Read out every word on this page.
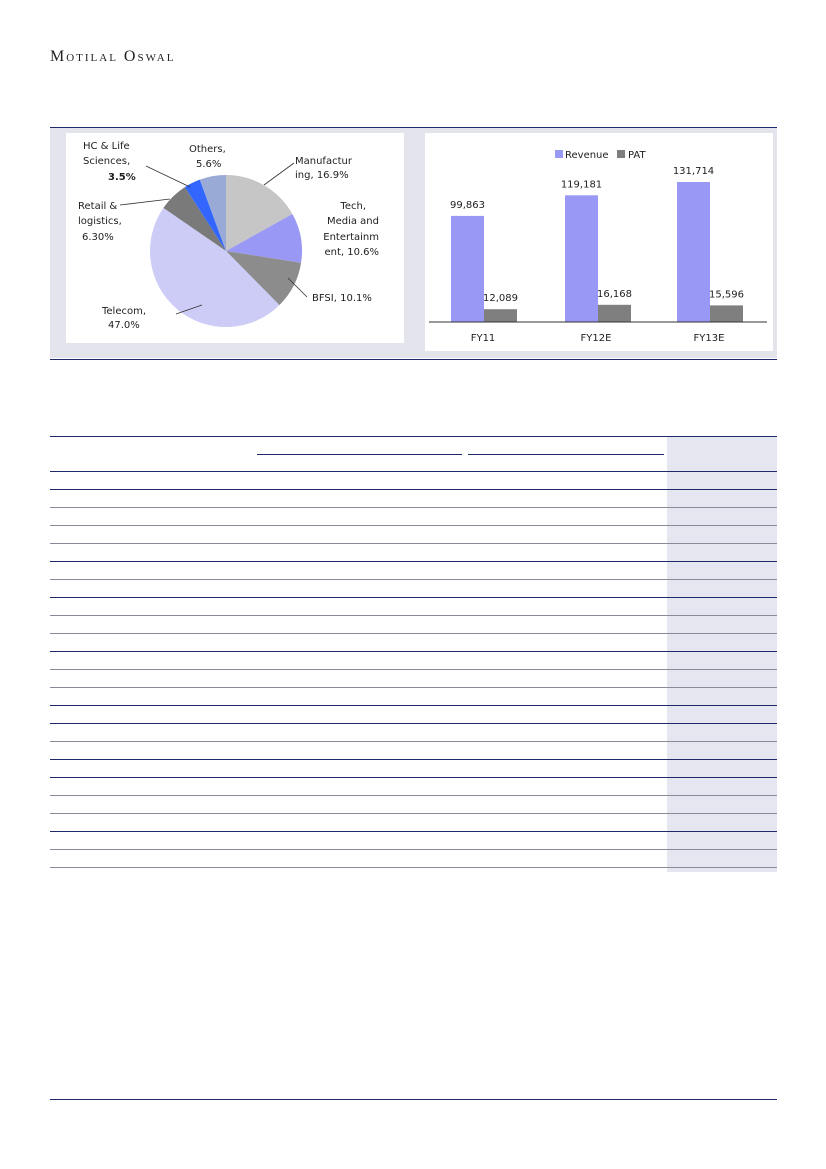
Motilal Oswal
Manufactur
ing, 16.9%
Tech,
Media and
Entertainm
ent, 10.6%
BFSI, 10.1%
Telecom,
47.0%
Retail &
logistics,
6.30%
HC & Life
Sciences,
3.5%
Others,
5.6%
Revenue PAT
99,863
12,089
FY11
119,181
16,168
FY12E
131,714
15,596
FY13E
